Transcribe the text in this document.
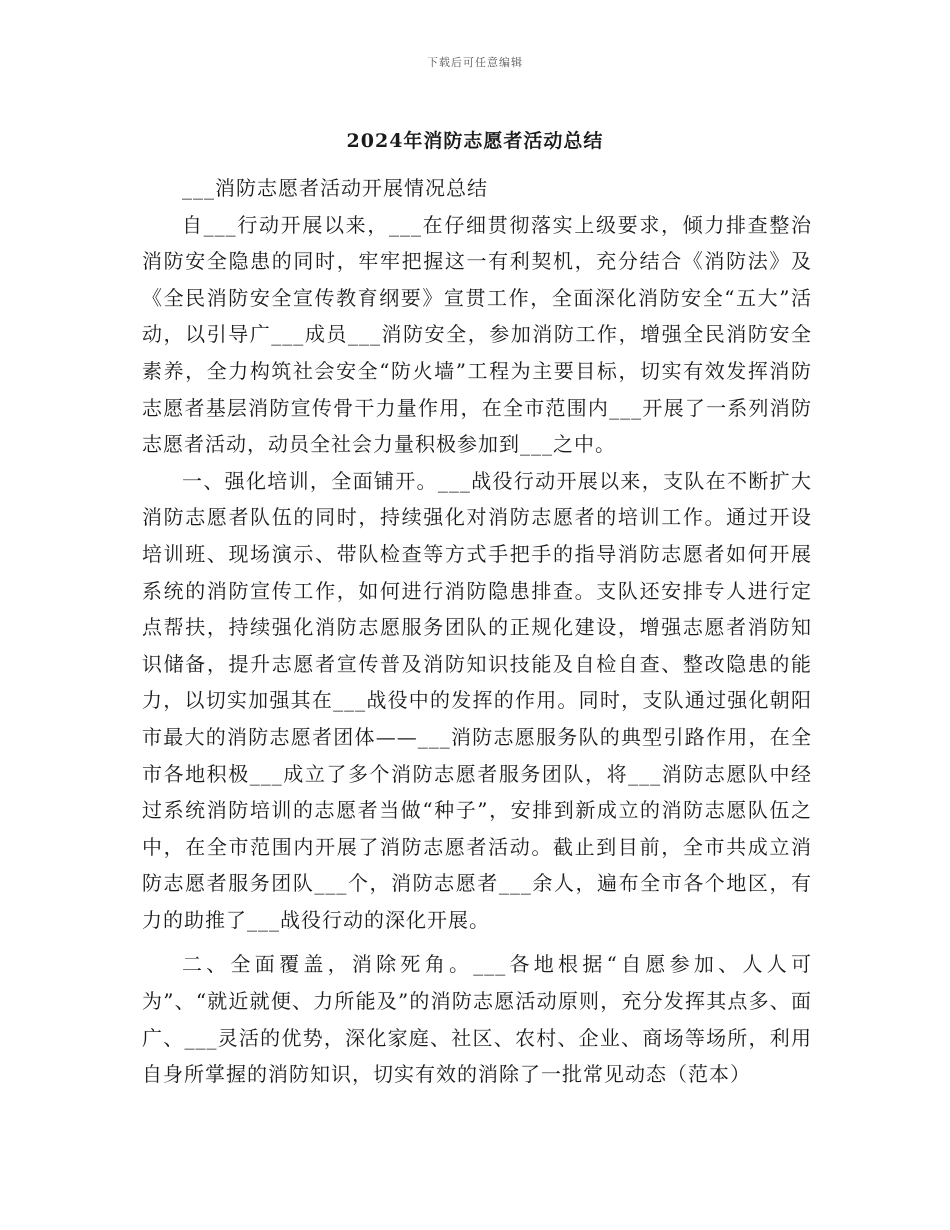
下载后可任意编辑
2024年消防志愿者活动总结

___消防志愿者活动开展情况总结

自___行动开展以来，___在仔细贯彻落实上级要求，倾力排查整治消防安全隐患的同时，牢牢把握这一有利契机，充分结合《消防法》及《全民消防安全宣传教育纲要》宣贯工作，全面深化消防安全“五大”活动，以引导广___成员___消防安全，参加消防工作，增强全民消防安全素养，全力构筑社会安全“防火墙”工程为主要目标，切实有效发挥消防志愿者基层消防宣传骨干力量作用，在全市范围内___开展了一系列消防志愿者活动，动员全社会力量积极参加到___之中。

一、强化培训，全面铺开。___战役行动开展以来，支队在不断扩大消防志愿者队伍的同时，持续强化对消防志愿者的培训工作。通过开设培训班、现场演示、带队检查等方式手把手的指导消防志愿者如何开展系统的消防宣传工作，如何进行消防隐患排查。支队还安排专人进行定点帮扶，持续强化消防志愿服务团队的正规化建设，增强志愿者消防知识储备，提升志愿者宣传普及消防知识技能及自检自查、整改隐患的能力，以切实加强其在___战役中的发挥的作用。同时，支队通过强化朝阳市最大的消防志愿者团体——___消防志愿服务队的典型引路作用，在全市各地积极___成立了多个消防志愿者服务团队，将___消防志愿队中经过系统消防培训的志愿者当做“种子”，安排到新成立的消防志愿队伍之中，在全市范围内开展了消防志愿者活动。截止到目前，全市共成立消防志愿者服务团队___个，消防志愿者___余人，遍布全市各个地区，有力的助推了___战役行动的深化开展。

二、全面覆盖，消除死角。___各地根据“自愿参加、人人可为”、“就近就便、力所能及”的消防志愿活动原则，充分发挥其点多、面广、___灵活的优势，深化家庭、社区、农村、企业、商场等场所，利用自身所掌握的消防知识，切实有效的消除了一批常见动态（范本）
